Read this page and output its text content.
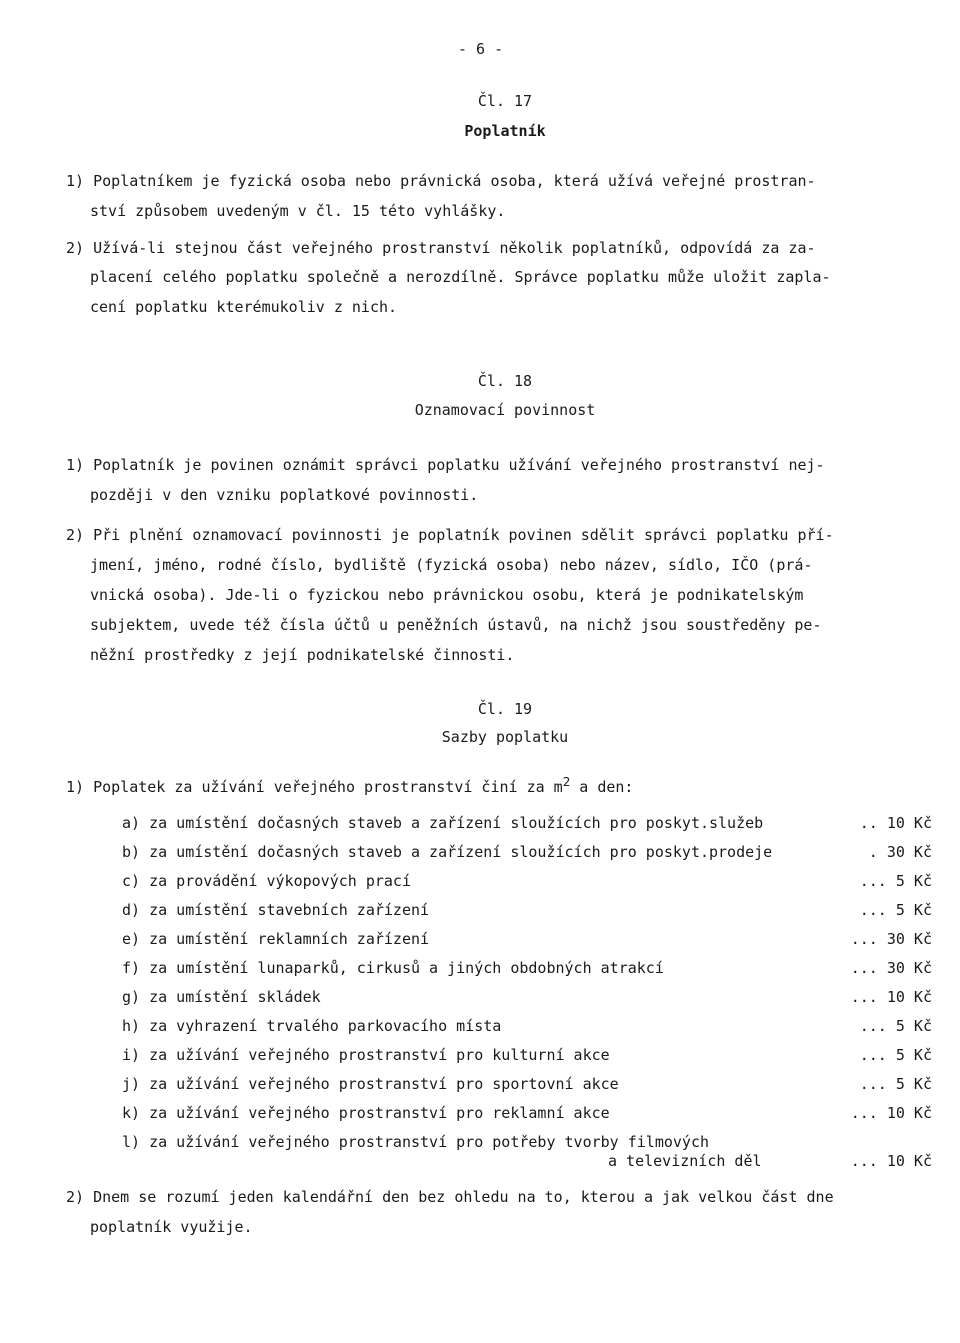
- 6 -
Čl. 17
Poplatník
1) Poplatníkem je fyzická osoba nebo právnická osoba, která užívá veřejné prostran-
ství způsobem uvedeným v čl. 15 této vyhlášky.
2) Užívá-li stejnou část veřejného prostranství několik poplatníků, odpovídá za za-
placení celého poplatku společně a nerozdílně. Správce poplatku může uložit zapla-
cení poplatku kterémukoliv z nich.
Čl. 18
Oznamovací povinnost
1) Poplatník je povinen oznámit správci poplatku užívání veřejného prostranství nej-
později v den vzniku poplatkové povinnosti.
2) Při plnění oznamovací povinnosti je poplatník povinen sdělit správci poplatku pří-
jmení, jméno, rodné číslo, bydliště (fyzická osoba) nebo název, sídlo, IČO (prá-
vnická osoba). Jde-li o fyzickou nebo právnickou osobu, která je podnikatelským
subjektem, uvede též čísla účtů u peněžních ústavů, na nichž jsou soustředěny pe-
něžní prostředky z její podnikatelské činnosti.
Čl. 19
Sazby poplatku
1) Poplatek za užívání veřejného prostranství činí za $m^2$ a den:
a) za umístění dočasných staveb a zařízení sloužících pro poskyt.služeb	.. 10 Kč
b) za umístění dočasných staveb a zařízení sloužících pro poskyt.prodeje	. 30 Kč
c) za provádění výkopových prací	... 5 Kč
d) za umístění stavebních zařízení	... 5 Kč
e) za umístění reklamních zařízení	... 30 Kč
f) za umístění lunaparků, cirkusů a jiných obdobných atrakcí	... 30 Kč
g) za umístění skládek	... 10 Kč
h) za vyhrazení trvalého parkovacího místa	... 5 Kč
i) za užívání veřejného prostranství pro kulturní akce	... 5 Kč
j) za užívání veřejného prostranství pro sportovní akce	... 5 Kč
k) za užívání veřejného prostranství pro reklamní akce	... 10 Kč
l) za užívání veřejného prostranství pro potřeby tvorby filmových
a televizních děl	... 10 Kč
2) Dnem se rozumí jeden kalendářní den bez ohledu na to, kterou a jak velkou část dne
poplatník využije.
